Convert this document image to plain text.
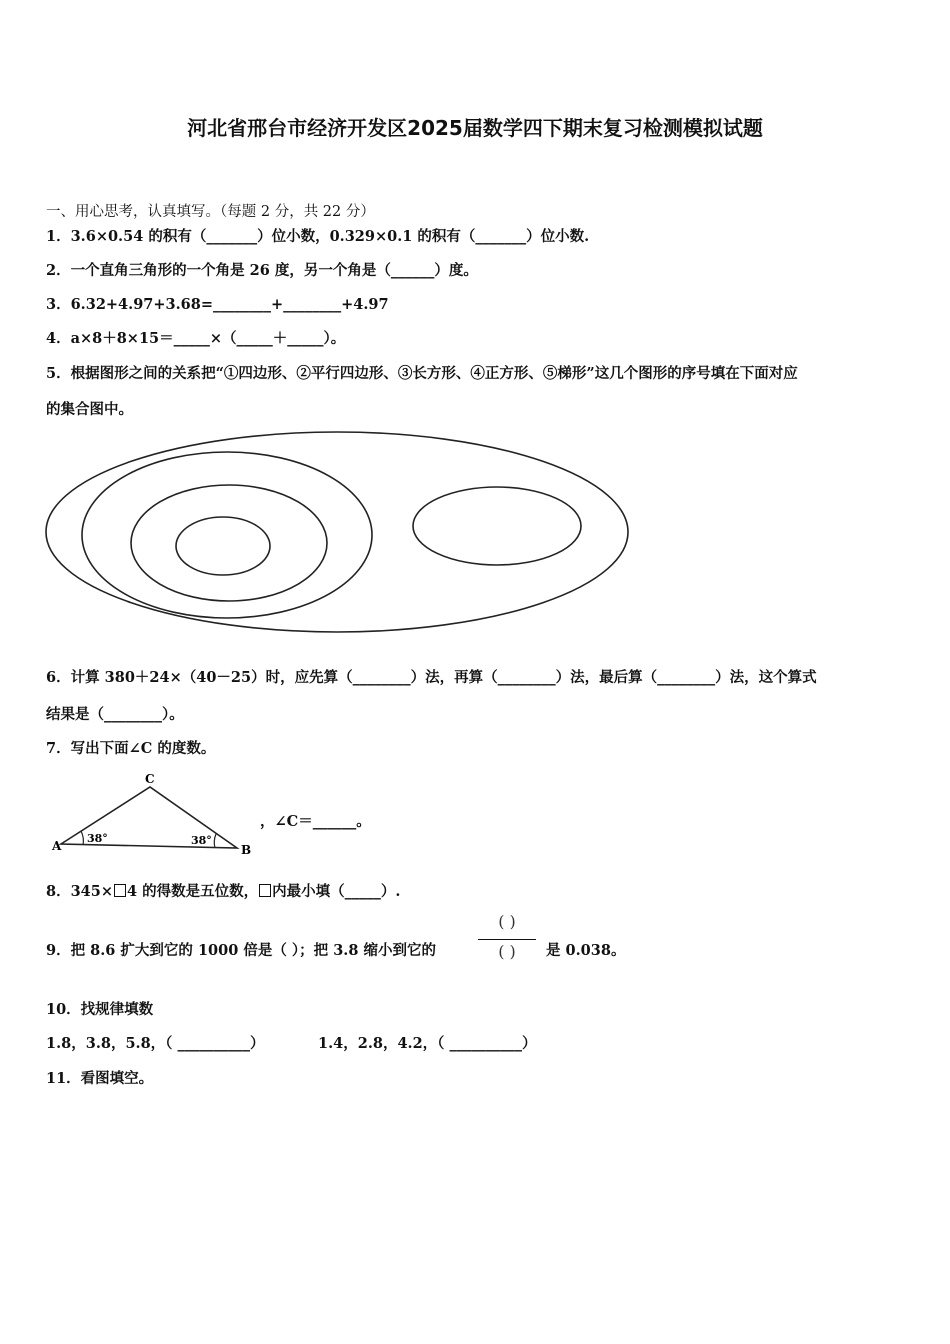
河北省邢台市经济开发区2025届数学四下期末复习检测模拟试题
一、用心思考，认真填写。（每题 2 分，共 22 分）
1．3.6×0.54 的积有（_______）位小数，0.329×0.1 的积有（_______）位小数.
2．一个直角三角形的一个角是 26 度，另一个角是（______）度。
3．6.32+4.97+3.68=________+________+4.97
4．a×8＋8×15＝_____×（_____＋_____）。
5．根据图形之间的关系把“①四边形、②平行四边形、③长方形、④正方形、⑤梯形”这几个图形的序号填在下面对应
的集合图中。
6．计算 380＋24×（40－25）时，应先算（________）法，再算（________）法，最后算（________）法，这个算式
结果是（________）。
7．写出下面∠C 的度数。
A	B
C
38°	38°
，∠C＝______。
8．345× 4 的得数是五位数， 内最小填（_____）.
9．把 8.6 扩大到它的 1000 倍是（ ）；把 3.8 缩小到它的
( )
( )	是 0.038。
10．找规律填数
1.8，3.8，5.8，（ __________）	1.4，2.8，4.2，（ __________）
11．看图填空。
